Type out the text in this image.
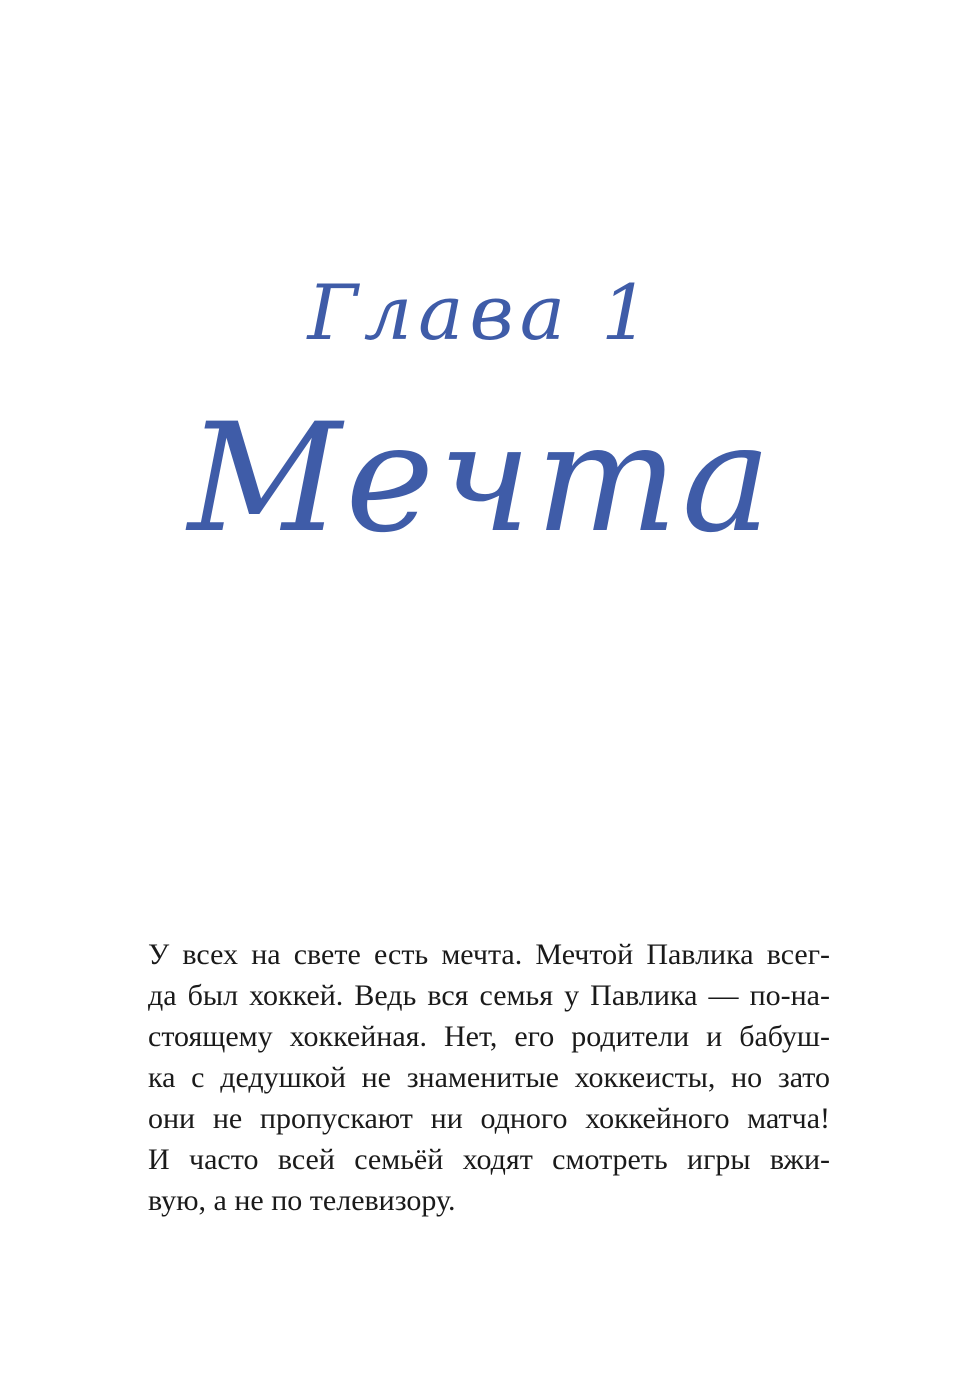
Глава 1
Мечта

У всех на свете есть мечта. Мечтой Павлика всег-
да был хоккей. Ведь вся семья у Павлика — по-на-
стоящему хоккейная. Нет, его родители и бабуш-
ка с дедушкой не знаменитые хоккеисты, но зато
они не пропускают ни одного хоккейного матча!
И часто всей семьёй ходят смотреть игры вжи-
вую, а не по телевизору.
